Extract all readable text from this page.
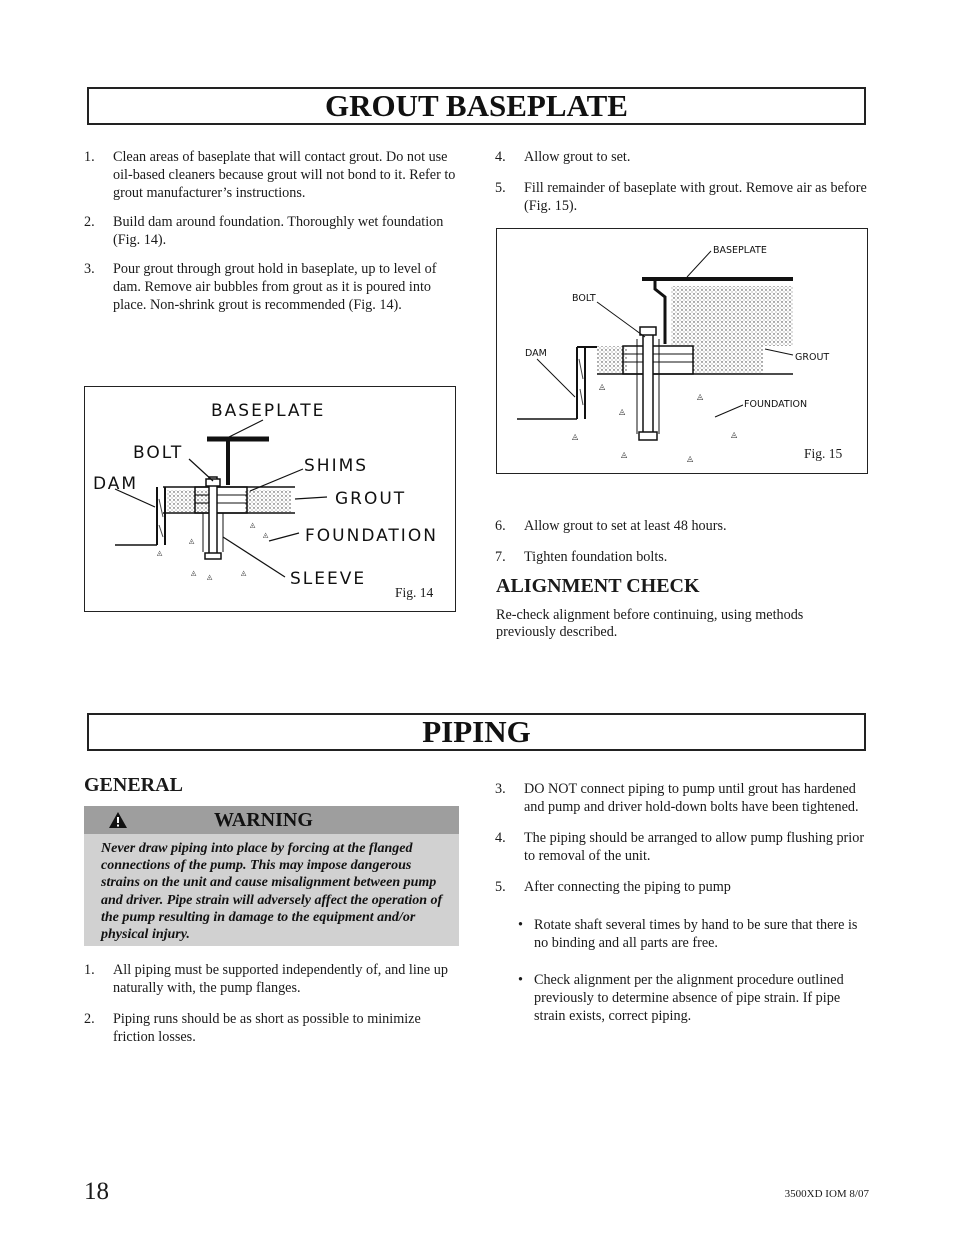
GROUT BASEPLATE
1. Clean areas of baseplate that will contact grout. Do not use oil-based cleaners because grout will not bond to it. Refer to grout manufacturer’s instructions.
2. Build dam around foundation. Thoroughly wet foundation (Fig. 14).
3. Pour grout through grout hold in baseplate, up to level of dam. Remove air bubbles from grout as it is poured into place. Non-shrink grout is recommended (Fig. 14).
4. Allow grout to set.
5. Fill remainder of baseplate with grout. Remove air as before (Fig. 15).
◬
◬
◬	◬
◬	◬
◬
BASEPLATE
BOLT
DAM	GROUT
FOUNDATION
Fig. 15
◬
◬ ◬	◬
◬
◬
◬
BASEPLATE
BOLT
DAM
SHIMS
GROUT
FOUNDATION
SLEEVE
Fig. 14
6. Allow grout to set at least 48 hours.
7. Tighten foundation bolts.
ALIGNMENT CHECK
Re-check alignment before continuing, using methods previously described.
PIPING
GENERAL
WARNING
Never draw piping into place by forcing at the flanged connections of the pump. This may impose dangerous strains on the unit and cause misalignment between pump and driver. Pipe strain will adversely affect the operation of the pump resulting in damage to the equipment and/or physical injury.
1. All piping must be supported independently of, and line up naturally with, the pump flanges.
2. Piping runs should be as short as possible to minimize friction losses.
3. DO NOT connect piping to pump until grout has hardened and pump and driver hold-down bolts have been tightened.
4. The piping should be arranged to allow pump flushing prior to removal of the unit.
5. After connecting the piping to pump
• Rotate shaft several times by hand to be sure that there is no binding and all parts are free.
• Check alignment per the alignment procedure outlined previously to determine absence of pipe strain. If pipe strain exists, correct piping.
18	3500XD IOM 8/07
